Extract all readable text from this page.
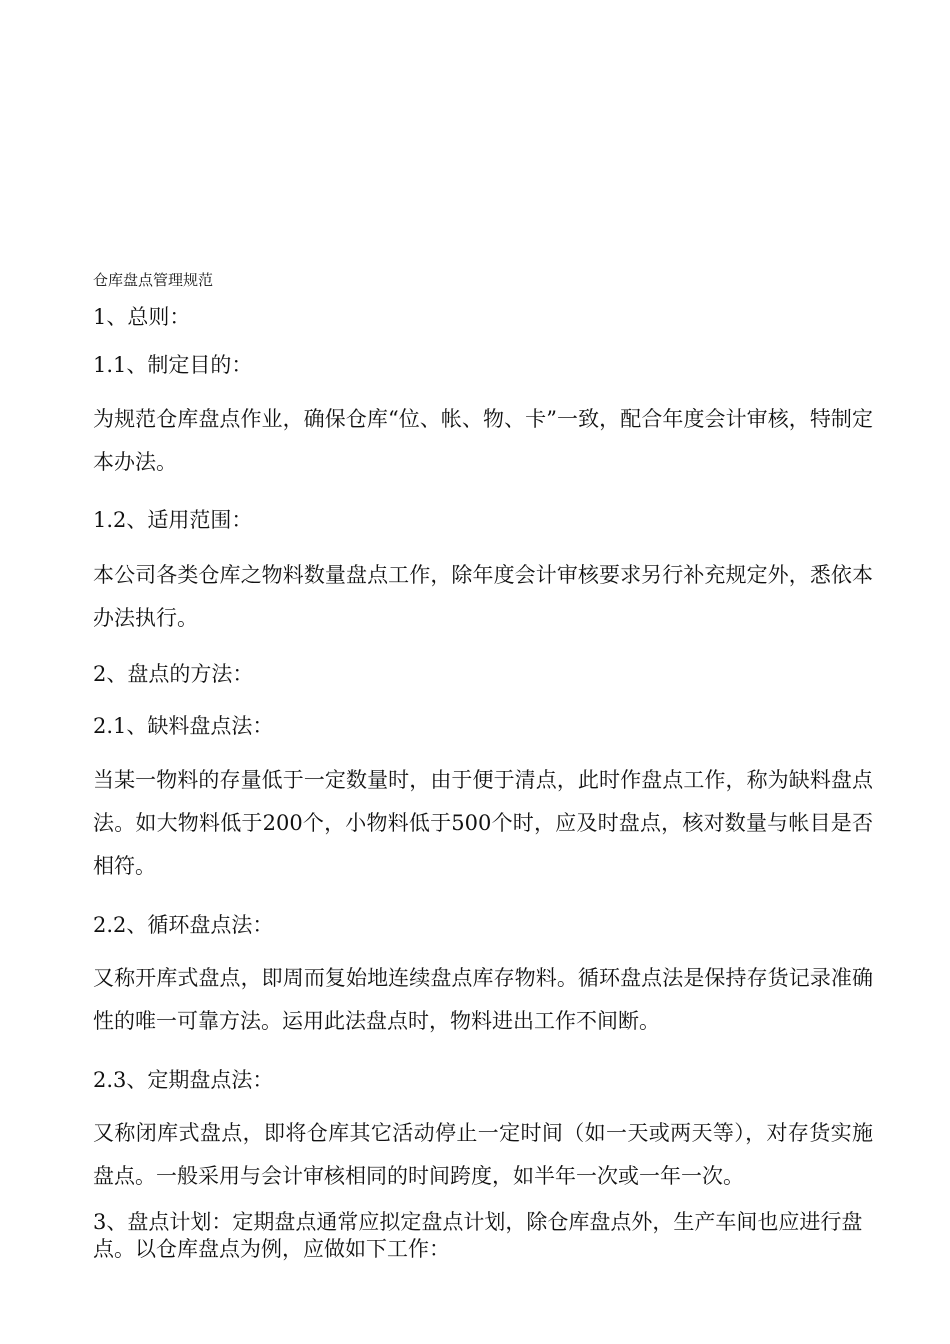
仓库盘点管理规范
1、总则：
1.1、制定目的：
为规范仓库盘点作业，确保仓库“位、帐、物、卡”一致，配合年度会计审核，特制定本办法。
1.2、适用范围：
本公司各类仓库之物料数量盘点工作，除年度会计审核要求另行补充规定外，悉依本办法执行。
2、盘点的方法：
2.1、缺料盘点法：
当某一物料的存量低于一定数量时，由于便于清点，此时作盘点工作，称为缺料盘点法。如大物料低于200个，小物料低于500个时，应及时盘点，核对数量与帐目是否相符。
2.2、循环盘点法：
又称开库式盘点，即周而复始地连续盘点库存物料。循环盘点法是保持存货记录准确性的唯一可靠方法。运用此法盘点时，物料进出工作不间断。
2.3、定期盘点法：
又称闭库式盘点，即将仓库其它活动停止一定时间（如一天或两天等），对存货实施盘点。一般采用与会计审核相同的时间跨度，如半年一次或一年一次。
3、盘点计划：定期盘点通常应拟定盘点计划，除仓库盘点外，生产车间也应进行盘点。以仓库盘点为例，应做如下工作：
